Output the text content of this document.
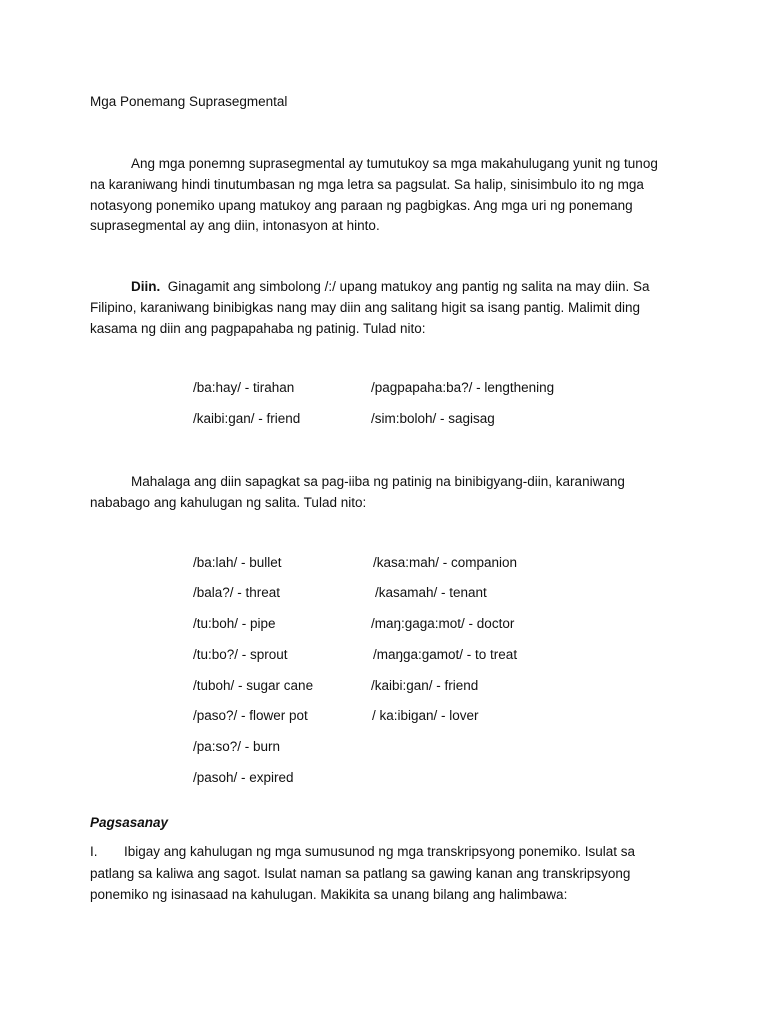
Mga Ponemang Suprasegmental
Ang mga ponemng suprasegmental ay tumutukoy sa mga makahulugang yunit ng tunog na karaniwang hindi tinutumbasan ng mga letra sa pagsulat. Sa halip, sinisimbulo ito ng mga notasyong ponemiko upang matukoy ang paraan ng pagbigkas. Ang mga uri ng ponemang suprasegmental ay ang diin, intonasyon at hinto.
Diin. Ginagamit ang simbolong /:/ upang matukoy ang pantig ng salita na may diin. Sa Filipino, karaniwang binibigkas nang may diin ang salitang higit sa isang pantig. Malimit ding kasama ng diin ang pagpapahaba ng patinig. Tulad nito:
/ba:hay/ - tirahan	/pagpapaha:ba?/ - lengthening
/kaibi:gan/ - friend	/sim:boloh/ - sagisag
Mahalaga ang diin sapagkat sa pag-iiba ng patinig na binibigyang-diin, karaniwang nababago ang kahulugan ng salita. Tulad nito:
/ba:lah/ - bullet	/kasa:mah/ - companion
/bala?/ - threat	/kasamah/ - tenant
/tu:boh/ - pipe	/maŋ:gaga:mot/ - doctor
/tu:bo?/ - sprout	/maŋga:gamot/ - to treat
/tuboh/ - sugar cane	/kaibi:gan/ - friend
/paso?/ - flower pot	/ ka:ibigan/ - lover
/pa:so?/ - burn
/pasoh/ - expired
Pagsasanay
I. Ibigay ang kahulugan ng mga sumusunod ng mga transkripsyong ponemiko. Isulat sa patlang sa kaliwa ang sagot. Isulat naman sa patlang sa gawing kanan ang transkripsyong ponemiko ng isinasaad na kahulugan. Makikita sa unang bilang ang halimbawa:
